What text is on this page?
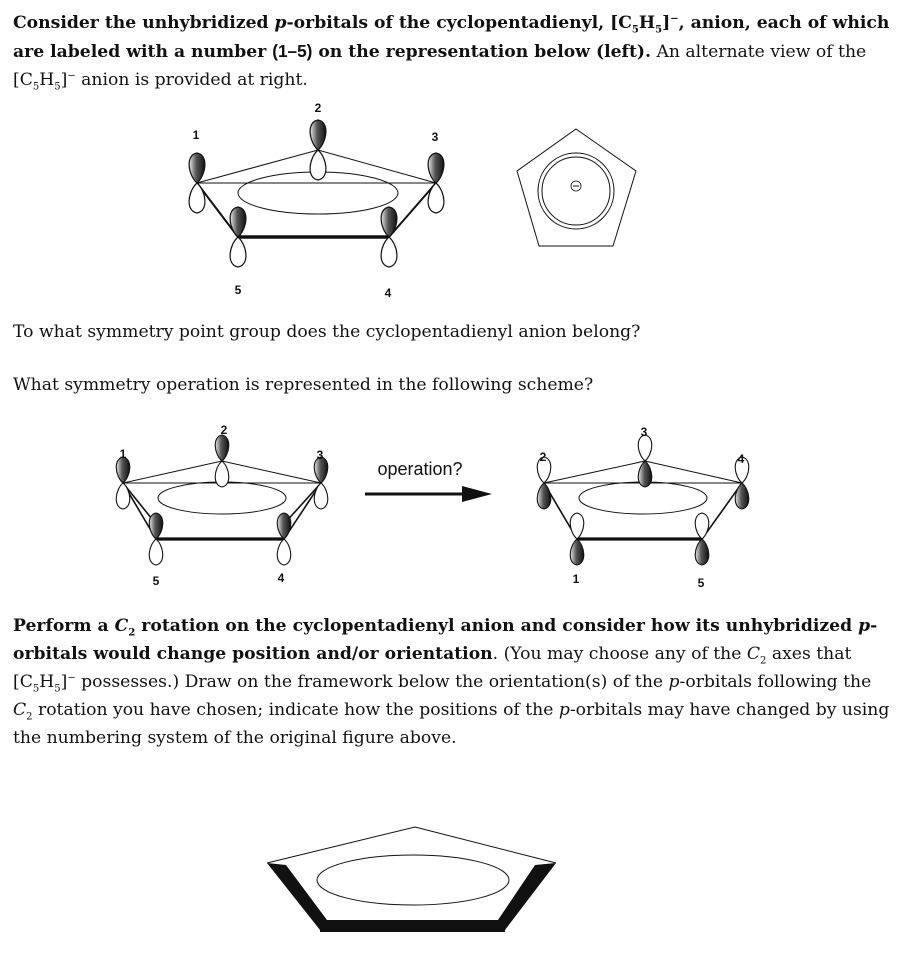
Consider the unhybridized p-orbitals of the cyclopentadienyl, $[C_5H_5]^-$, anion, each of which are labeled with a number (1–5) on the representation below (left). An alternate view of the $[C_5H_5]^-$ anion is provided at right.

1
2
3
4
5

To what symmetry point group does the cyclopentadienyl anion belong?

What symmetry operation is represented in the following scheme?

1
2
3
4
5
operation?
1
2
3
4
5

Perform a $C_2$ rotation on the cyclopentadienyl anion and consider how its unhybridized p-orbitals would change position and/or orientation. (You may choose any of the $C_2$ axes that $[C_5H_5]^-$ possesses.) Draw on the framework below the orientation(s) of the p-orbitals following the $C_2$ rotation you have chosen; indicate how the positions of the p-orbitals may have changed by using the numbering system of the original figure above.
